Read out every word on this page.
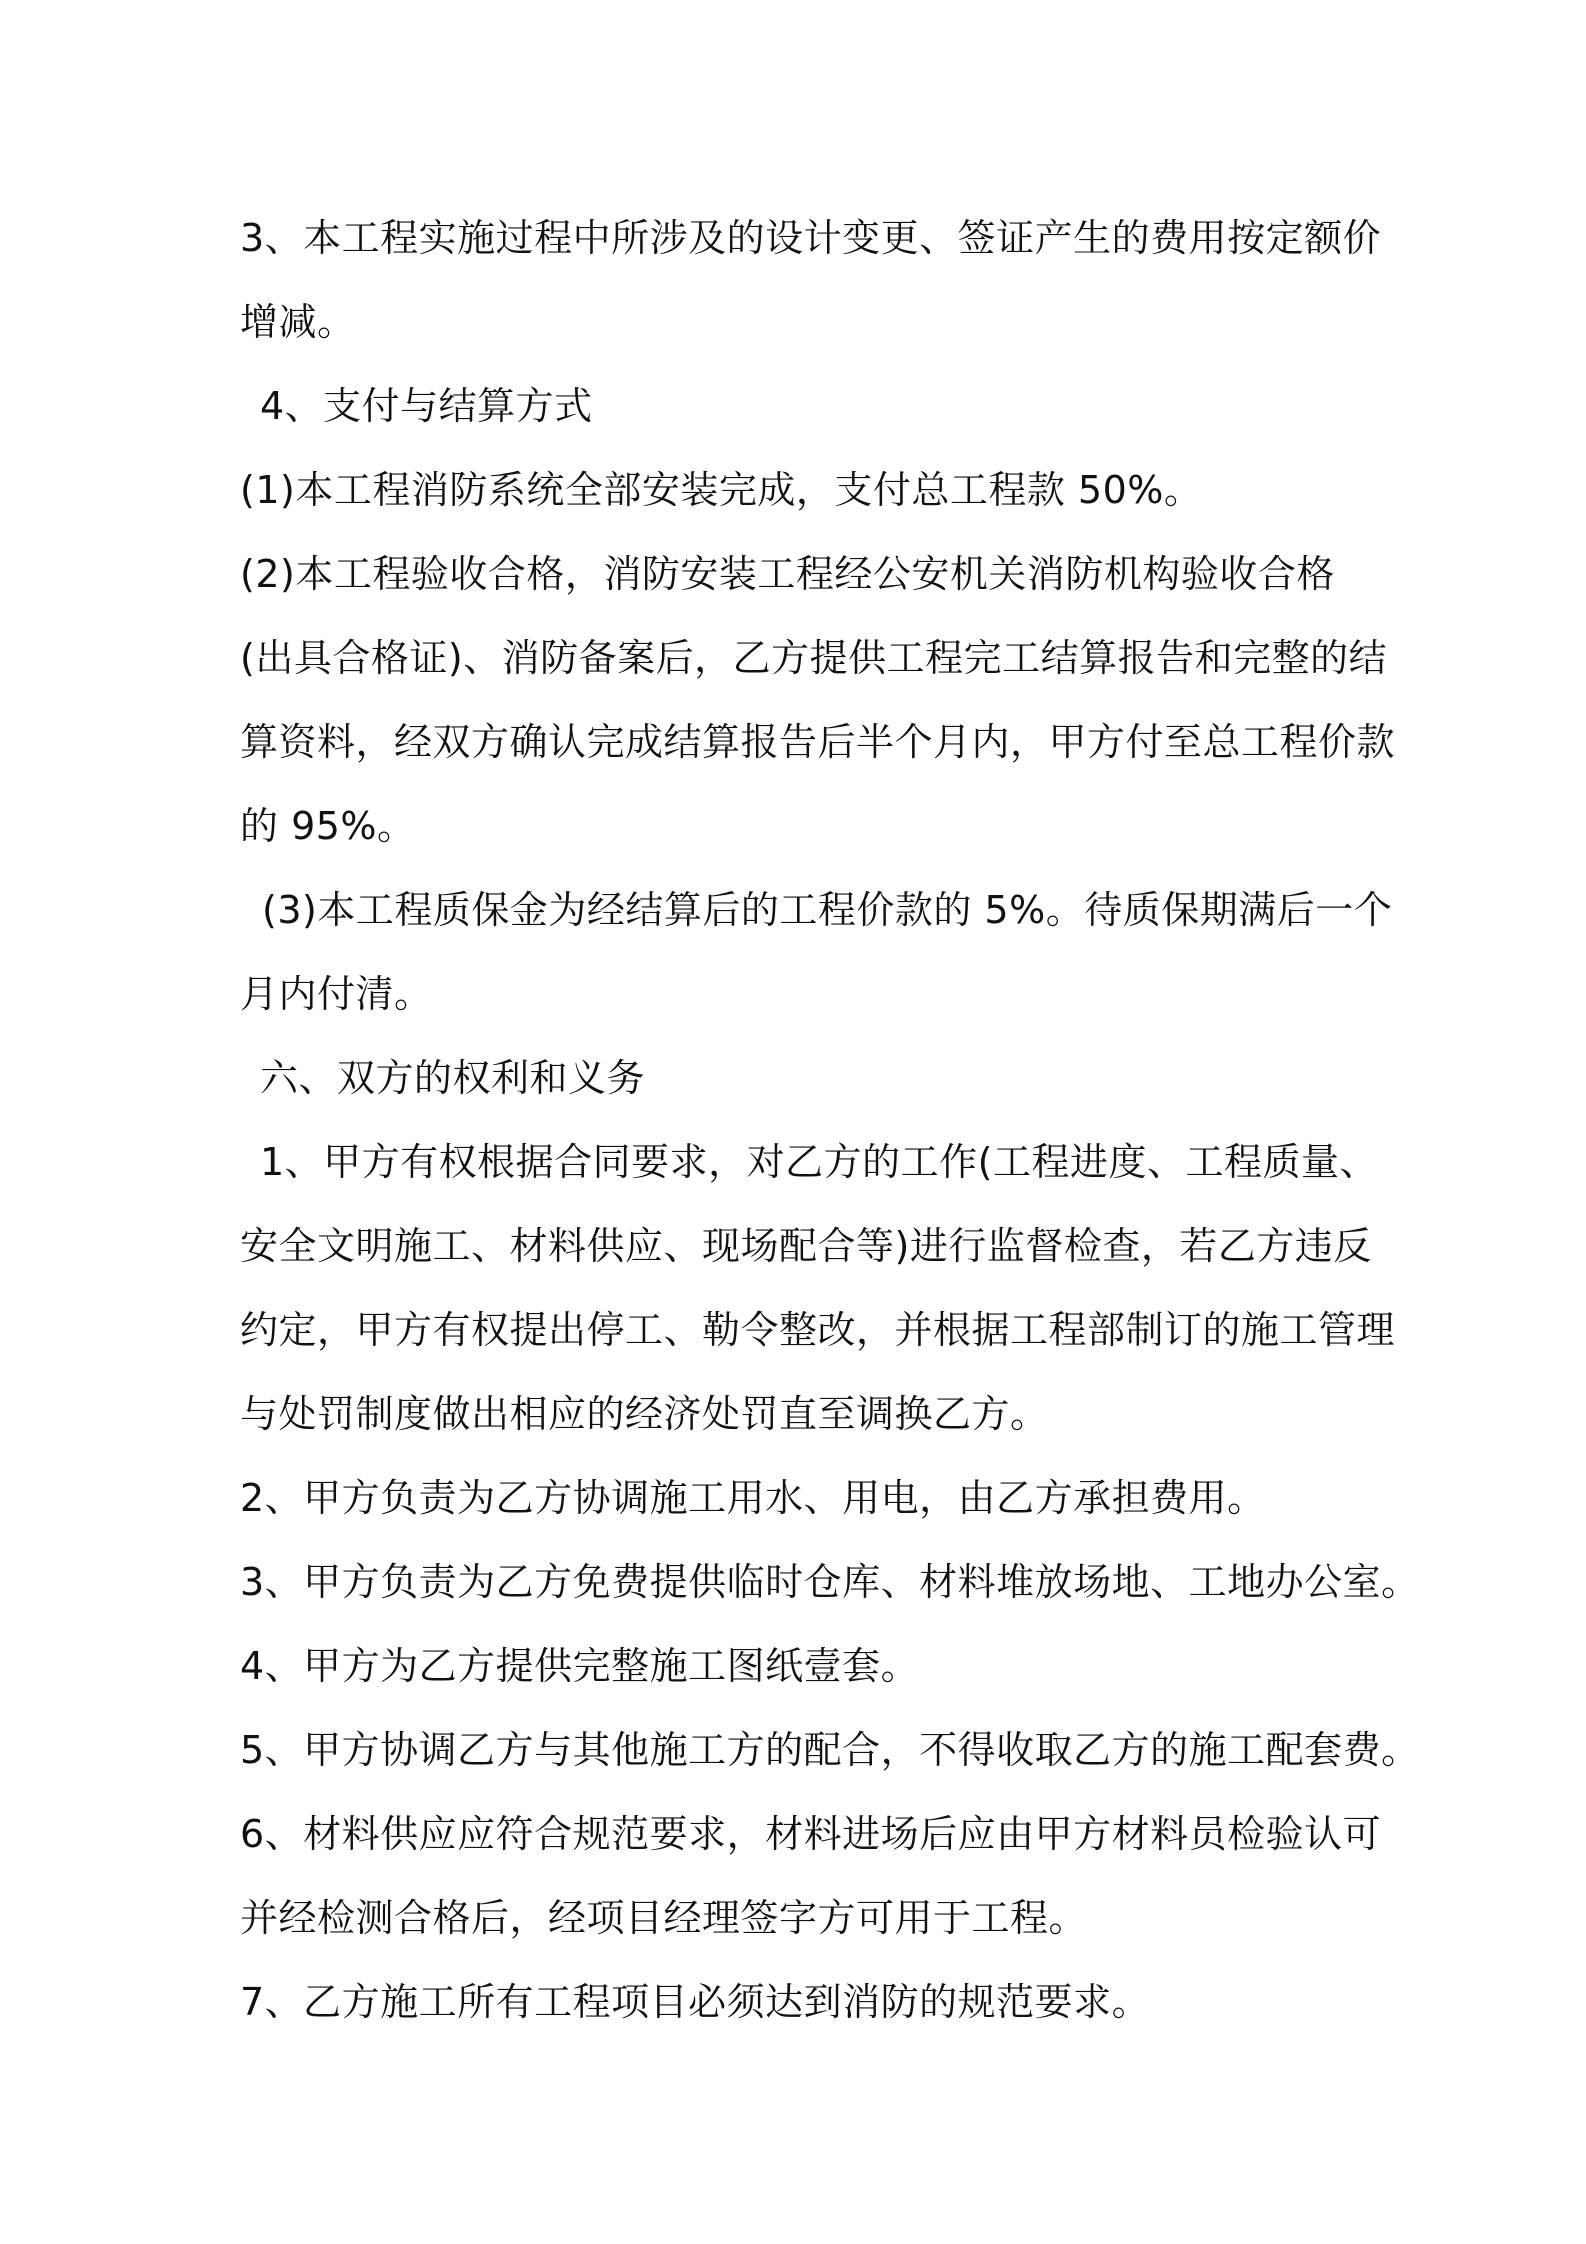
3、本工程实施过程中所涉及的设计变更、签证产生的费用按定额价
增减。
4、支付与结算方式
(1)本工程消防系统全部安装完成，支付总工程款 50%。
(2)本工程验收合格，消防安装工程经公安机关消防机构验收合格
(出具合格证)、消防备案后，乙方提供工程完工结算报告和完整的结
算资料，经双方确认完成结算报告后半个月内，甲方付至总工程价款
的 95%。
(3)本工程质保金为经结算后的工程价款的 5%。待质保期满后一个
月内付清。
六、双方的权利和义务
1、甲方有权根据合同要求，对乙方的工作(工程进度、工程质量、
安全文明施工、材料供应、现场配合等)进行监督检查，若乙方违反
约定，甲方有权提出停工、勒令整改，并根据工程部制订的施工管理
与处罚制度做出相应的经济处罚直至调换乙方。
2、甲方负责为乙方协调施工用水、用电，由乙方承担费用。
3、甲方负责为乙方免费提供临时仓库、材料堆放场地、工地办公室。
4、甲方为乙方提供完整施工图纸壹套。
5、甲方协调乙方与其他施工方的配合，不得收取乙方的施工配套费。
6、材料供应应符合规范要求，材料进场后应由甲方材料员检验认可
并经检测合格后，经项目经理签字方可用于工程。
7、乙方施工所有工程项目必须达到消防的规范要求。
